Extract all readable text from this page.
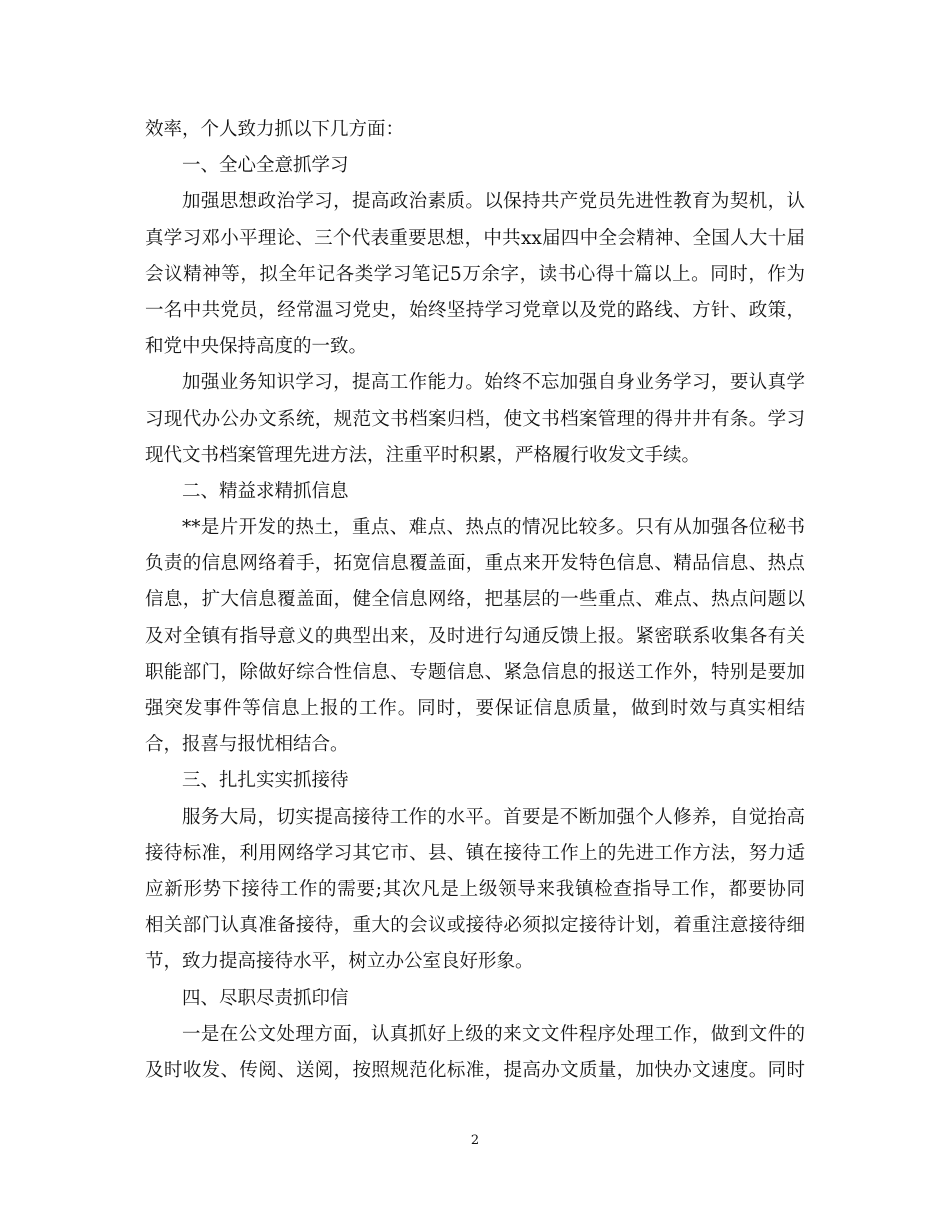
效率，个人致力抓以下几方面：
一、全心全意抓学习
加强思想政治学习，提高政治素质。以保持共产党员先进性教育为契机，认
真学习邓小平理论、三个代表重要思想，中共xx届四中全会精神、全国人大十届
会议精神等，拟全年记各类学习笔记5万余字，读书心得十篇以上。同时，作为
一名中共党员，经常温习党史，始终坚持学习党章以及党的路线、方针、政策，
和党中央保持高度的一致。
加强业务知识学习，提高工作能力。始终不忘加强自身业务学习，要认真学
习现代办公办文系统，规范文书档案归档，使文书档案管理的得井井有条。学习
现代文书档案管理先进方法，注重平时积累，严格履行收发文手续。
二、精益求精抓信息
**是片开发的热土，重点、难点、热点的情况比较多。只有从加强各位秘书
负责的信息网络着手，拓宽信息覆盖面，重点来开发特色信息、精品信息、热点
信息，扩大信息覆盖面，健全信息网络，把基层的一些重点、难点、热点问题以
及对全镇有指导意义的典型出来，及时进行勾通反馈上报。紧密联系收集各有关
职能部门，除做好综合性信息、专题信息、紧急信息的报送工作外，特别是要加
强突发事件等信息上报的工作。同时，要保证信息质量，做到时效与真实相结
合，报喜与报忧相结合。
三、扎扎实实抓接待
服务大局，切实提高接待工作的水平。首要是不断加强个人修养，自觉抬高
接待标准，利用网络学习其它市、县、镇在接待工作上的先进工作方法，努力适
应新形势下接待工作的需要;其次凡是上级领导来我镇检查指导工作，都要协同
相关部门认真准备接待，重大的会议或接待必须拟定接待计划，着重注意接待细
节，致力提高接待水平，树立办公室良好形象。
四、尽职尽责抓印信
一是在公文处理方面，认真抓好上级的来文文件程序处理工作，做到文件的
及时收发、传阅、送阅，按照规范化标准，提高办文质量，加快办文速度。同时
2
